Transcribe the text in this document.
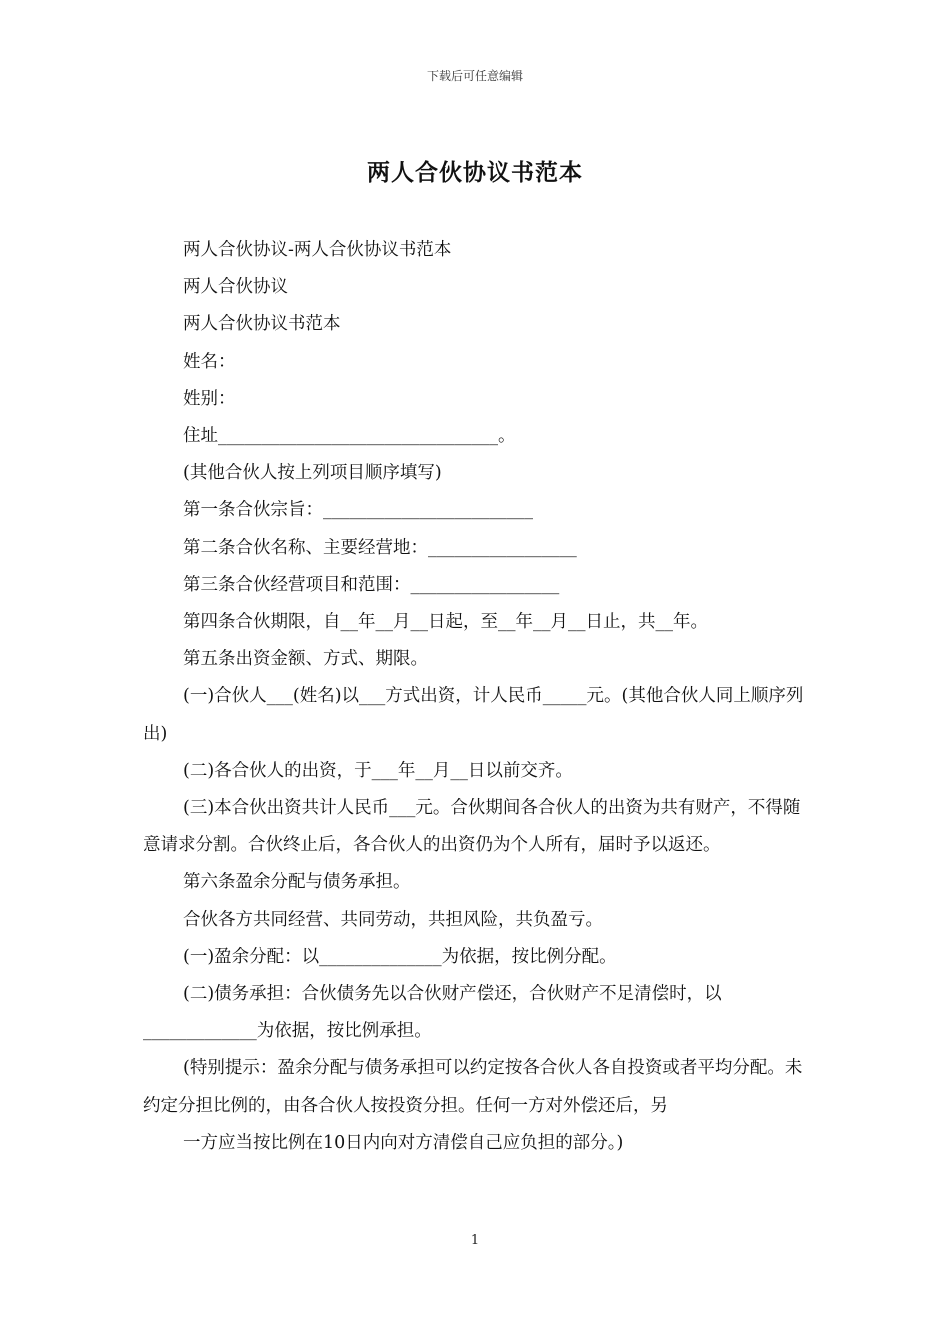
下载后可任意编辑
两人合伙协议书范本

两人合伙协议-两人合伙协议书范本

两人合伙协议

两人合伙协议书范本

姓名：

姓别：

住址________________________________。

(其他合伙人按上列项目顺序填写)

第一条合伙宗旨：________________________

第二条合伙名称、主要经营地：_________________

第三条合伙经营项目和范围：_________________

第四条合伙期限，自__年__月__日起，至__年__月__日止，共__年。

第五条出资金额、方式、期限。

(一)合伙人___(姓名)以___方式出资，计人民币_____元。(其他合伙人同上顺序列出)

(二)各合伙人的出资，于___年__月__日以前交齐。

(三)本合伙出资共计人民币___元。合伙期间各合伙人的出资为共有财产，不得随意请求分割。合伙终止后，各合伙人的出资仍为个人所有，届时予以返还。

第六条盈余分配与债务承担。

合伙各方共同经营、共同劳动，共担风险，共负盈亏。

(一)盈余分配：以______________为依据，按比例分配。

(二)债务承担：合伙债务先以合伙财产偿还，合伙财产不足清偿时，以_____________为依据，按比例承担。

(特别提示：盈余分配与债务承担可以约定按各合伙人各自投资或者平均分配。未约定分担比例的，由各合伙人按投资分担。任何一方对外偿还后，另

一方应当按比例在10日内向对方清偿自己应负担的部分。)

1
